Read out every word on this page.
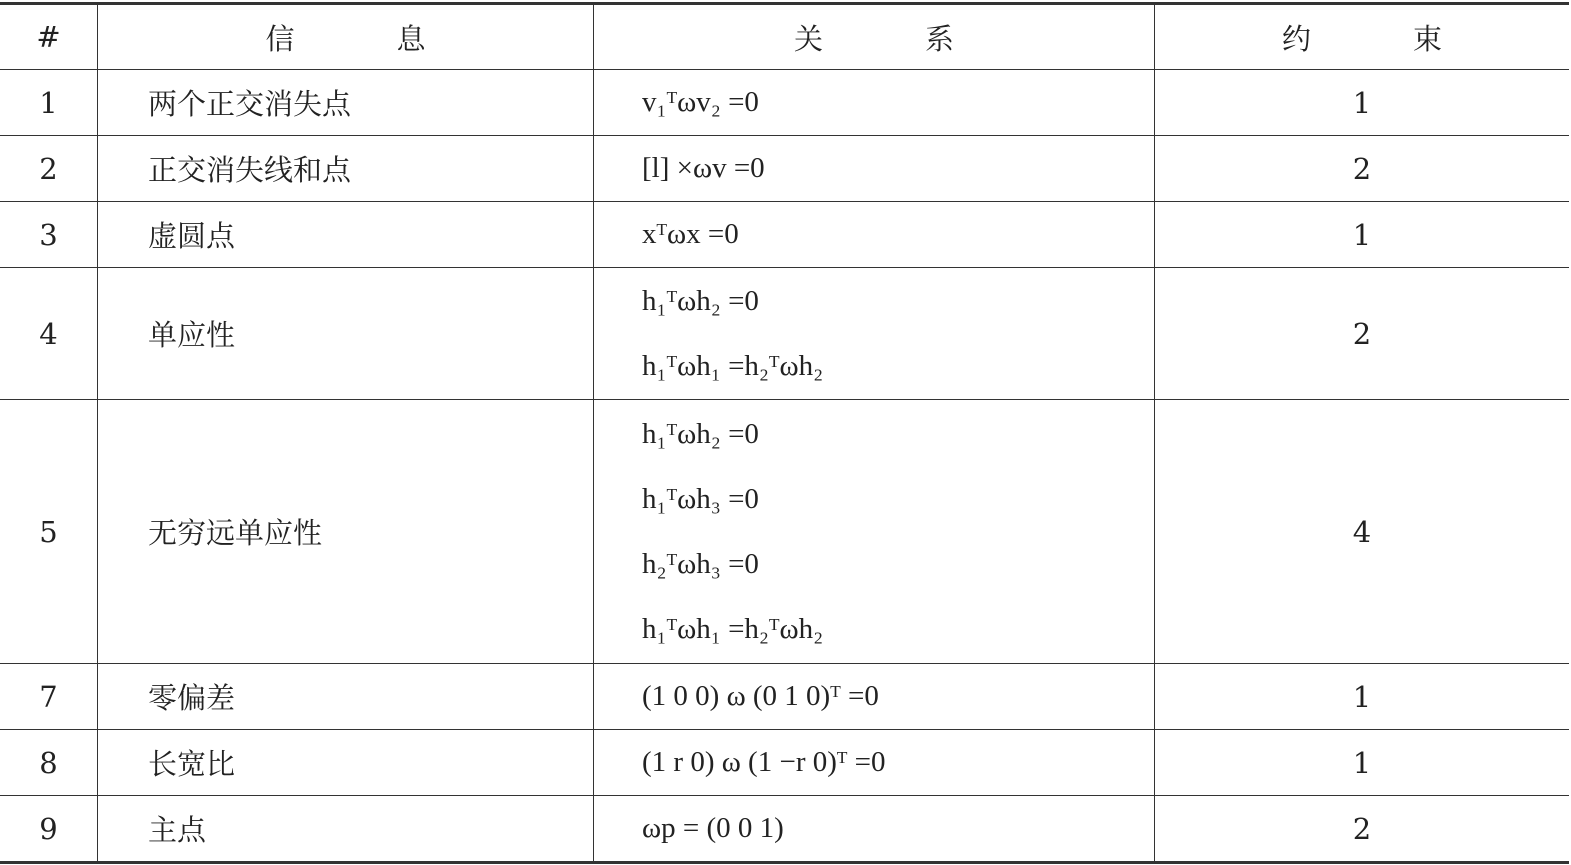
#	信 息	关 系	约 束
1	两个正交消失点	v₁ᵀωv₂ =0	1
2	正交消失线和点	[l] ×ωv =0	2
3	虚圆点	xᵀωx =0	1
4	单应性	h₁ᵀωh₂ =0
h₁ᵀωh₁ =h₂ᵀωh₂	2
5	无穷远单应性	h₁ᵀωh₂ =0
h₁ᵀωh₃ =0
h₂ᵀωh₃ =0
h₁ᵀωh₁ =h₂ᵀωh₂	4
7	零偏差	(1 0 0) ω (0 1 0)ᵀ =0	1
8	长宽比	(1 r 0) ω (1 −r 0)ᵀ =0	1
9	主点	ωp = (0 0 1)	2
